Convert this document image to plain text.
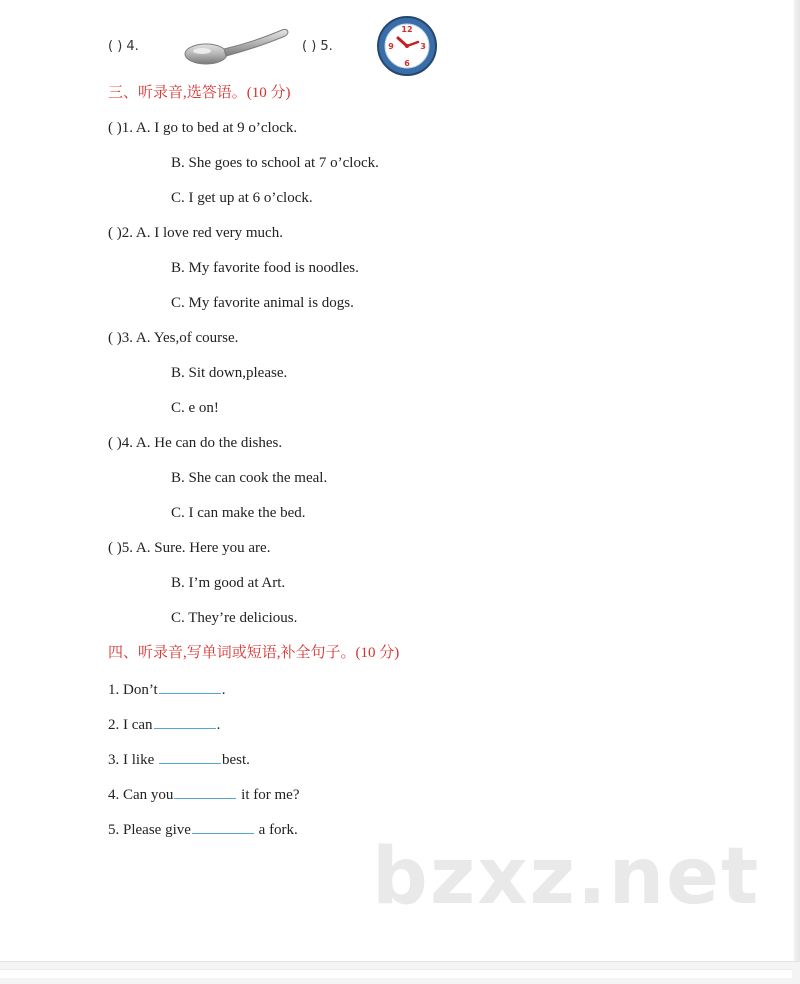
( ) 4.	( ) 5.
12
3
6
9
三、听录音,选答语。(10 分)
( )1. A. I go to bed at 9 o’clock.
B. She goes to school at 7 o’clock.
C. I get up at 6 o’clock.
( )2. A. I love red very much.
B. My favorite food is noodles.
C. My favorite animal is dogs.
( )3. A. Yes,of course.
B. Sit down,please.
C. e on!
( )4. A. He can do the dishes.
B. She can cook the meal.
C. I can make the bed.
( )5. A. Sure. Here you are.
B. I’m good at Art.
C. They’re delicious.
四、听录音,写单词或短语,补全句子。(10 分)
1. Don’t	.
2. I can	.
3. I like	best.
4. Can you	it for me?
5. Please give	a fork.
bzxz.net
